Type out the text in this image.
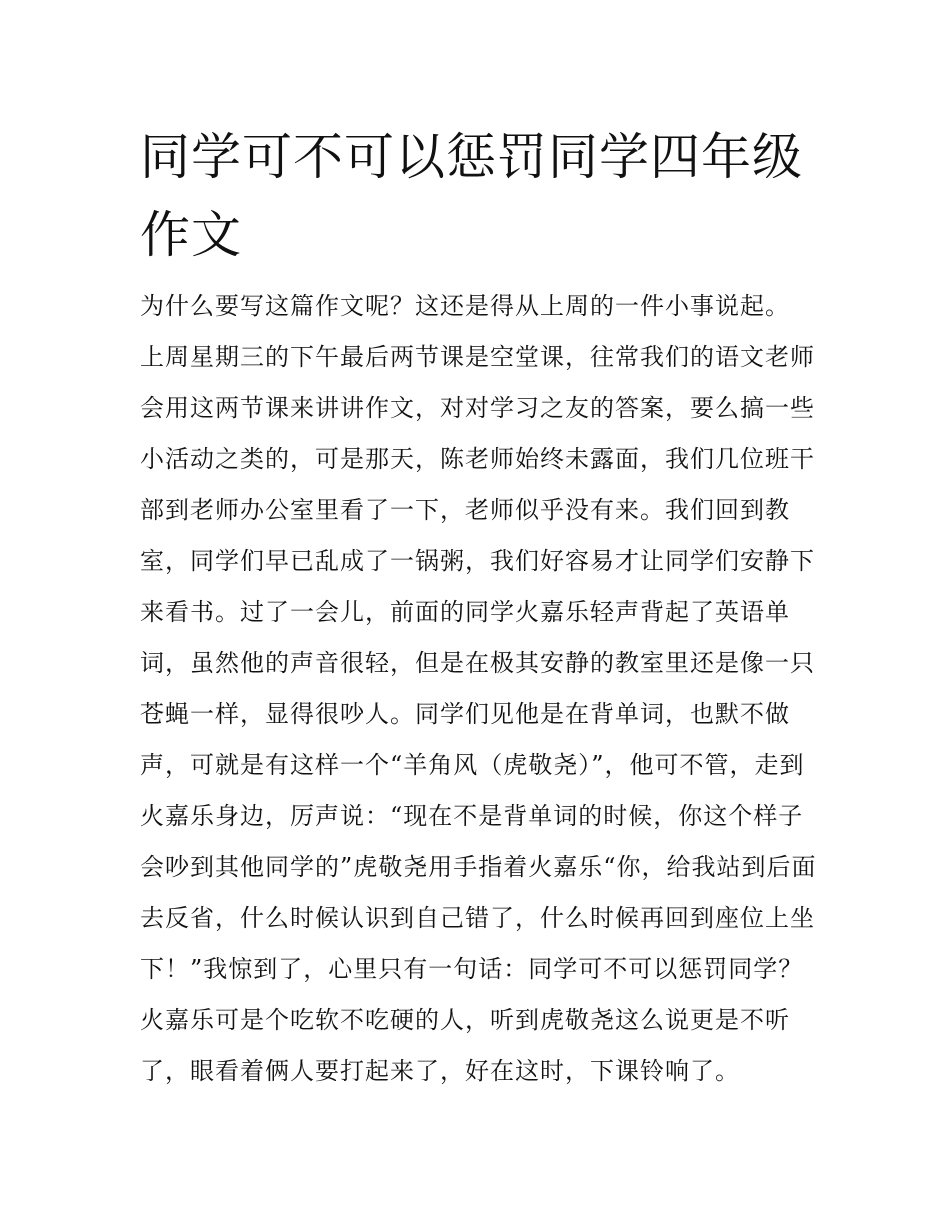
同学可不可以惩罚同学四年级
作文
为什么要写这篇作文呢？这还是得从上周的一件小事说起。
上周星期三的下午最后两节课是空堂课，往常我们的语文老师
会用这两节课来讲讲作文，对对学习之友的答案，要么搞一些
小活动之类的，可是那天，陈老师始终未露面，我们几位班干
部到老师办公室里看了一下，老师似乎没有来。我们回到教
室，同学们早已乱成了一锅粥，我们好容易才让同学们安静下
来看书。过了一会儿，前面的同学火嘉乐轻声背起了英语单
词，虽然他的声音很轻，但是在极其安静的教室里还是像一只
苍蝇一样，显得很吵人。同学们见他是在背单词，也默不做
声，可就是有这样一个“羊角风（虎敬尧）”，他可不管，走到
火嘉乐身边，厉声说：“现在不是背单词的时候，你这个样子
会吵到其他同学的”虎敬尧用手指着火嘉乐“你，给我站到后面
去反省，什么时候认识到自己错了，什么时候再回到座位上坐
下！”我惊到了，心里只有一句话：同学可不可以惩罚同学？
火嘉乐可是个吃软不吃硬的人，听到虎敬尧这么说更是不听
了，眼看着俩人要打起来了，好在这时，下课铃响了。
